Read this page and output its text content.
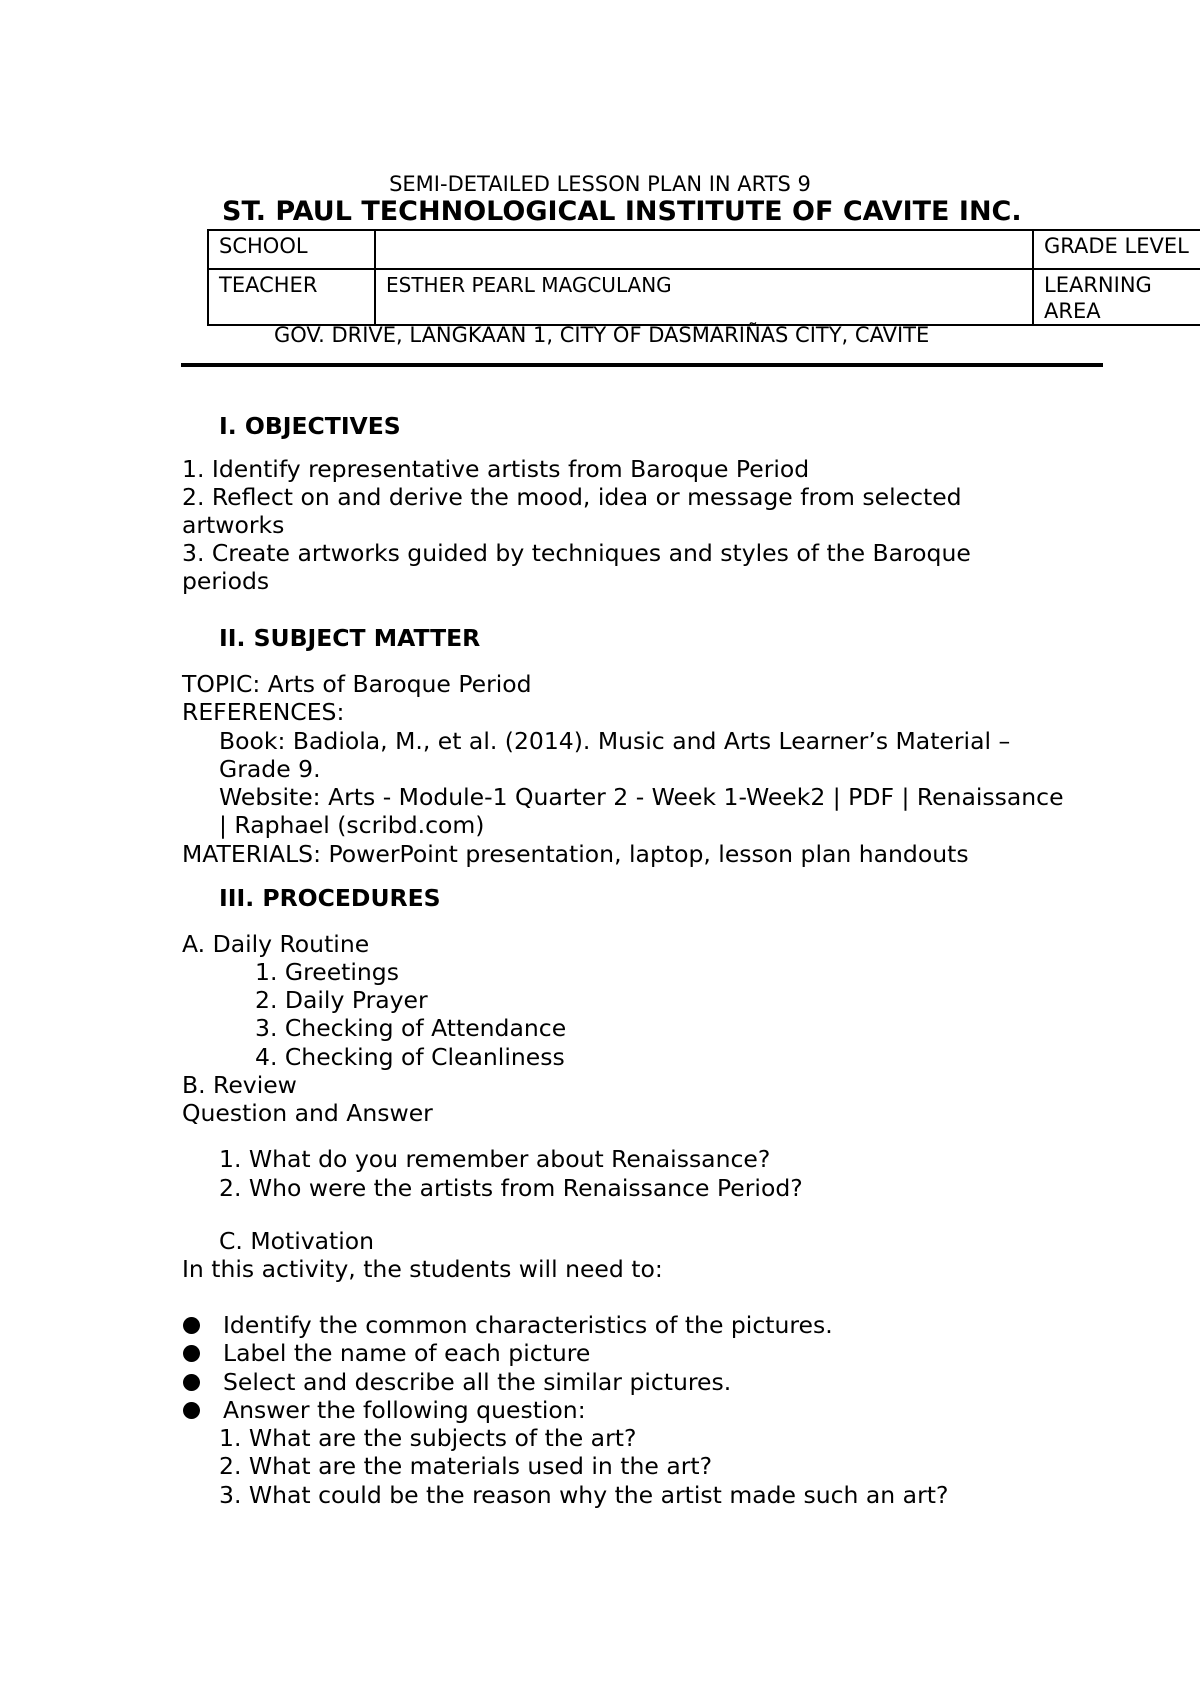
SEMI-DETAILED LESSON PLAN IN ARTS 9
ST. PAUL TECHNOLOGICAL INSTITUTE OF CAVITE INC.
SCHOOL		GRADE LEVEL
TEACHER	ESTHER PEARL MAGCULANG	LEARNING
AREA
GOV. DRIVE, LANGKAAN 1, CITY OF DASMARIÑAS CITY, CAVITE
I. OBJECTIVES
1. Identify representative artists from Baroque Period
2. Reflect on and derive the mood, idea or message from selected
artworks
3. Create artworks guided by techniques and styles of the Baroque
periods
II. SUBJECT MATTER
TOPIC: Arts of Baroque Period
REFERENCES:
Book: Badiola, M., et al. (2014). Music and Arts Learner’s Material –
Grade 9.
Website: Arts - Module-1 Quarter 2 - Week 1-Week2 | PDF | Renaissance
| Raphael (scribd.com)
MATERIALS: PowerPoint presentation, laptop, lesson plan handouts
III. PROCEDURES
A. Daily Routine
1. Greetings
2. Daily Prayer
3. Checking of Attendance
4. Checking of Cleanliness
B. Review
Question and Answer
1. What do you remember about Renaissance?
2. Who were the artists from Renaissance Period?
C. Motivation
In this activity, the students will need to:
Identify the common characteristics of the pictures.
Label the name of each picture
Select and describe all the similar pictures.
Answer the following question:
1. What are the subjects of the art?
2. What are the materials used in the art?
3. What could be the reason why the artist made such an art?
